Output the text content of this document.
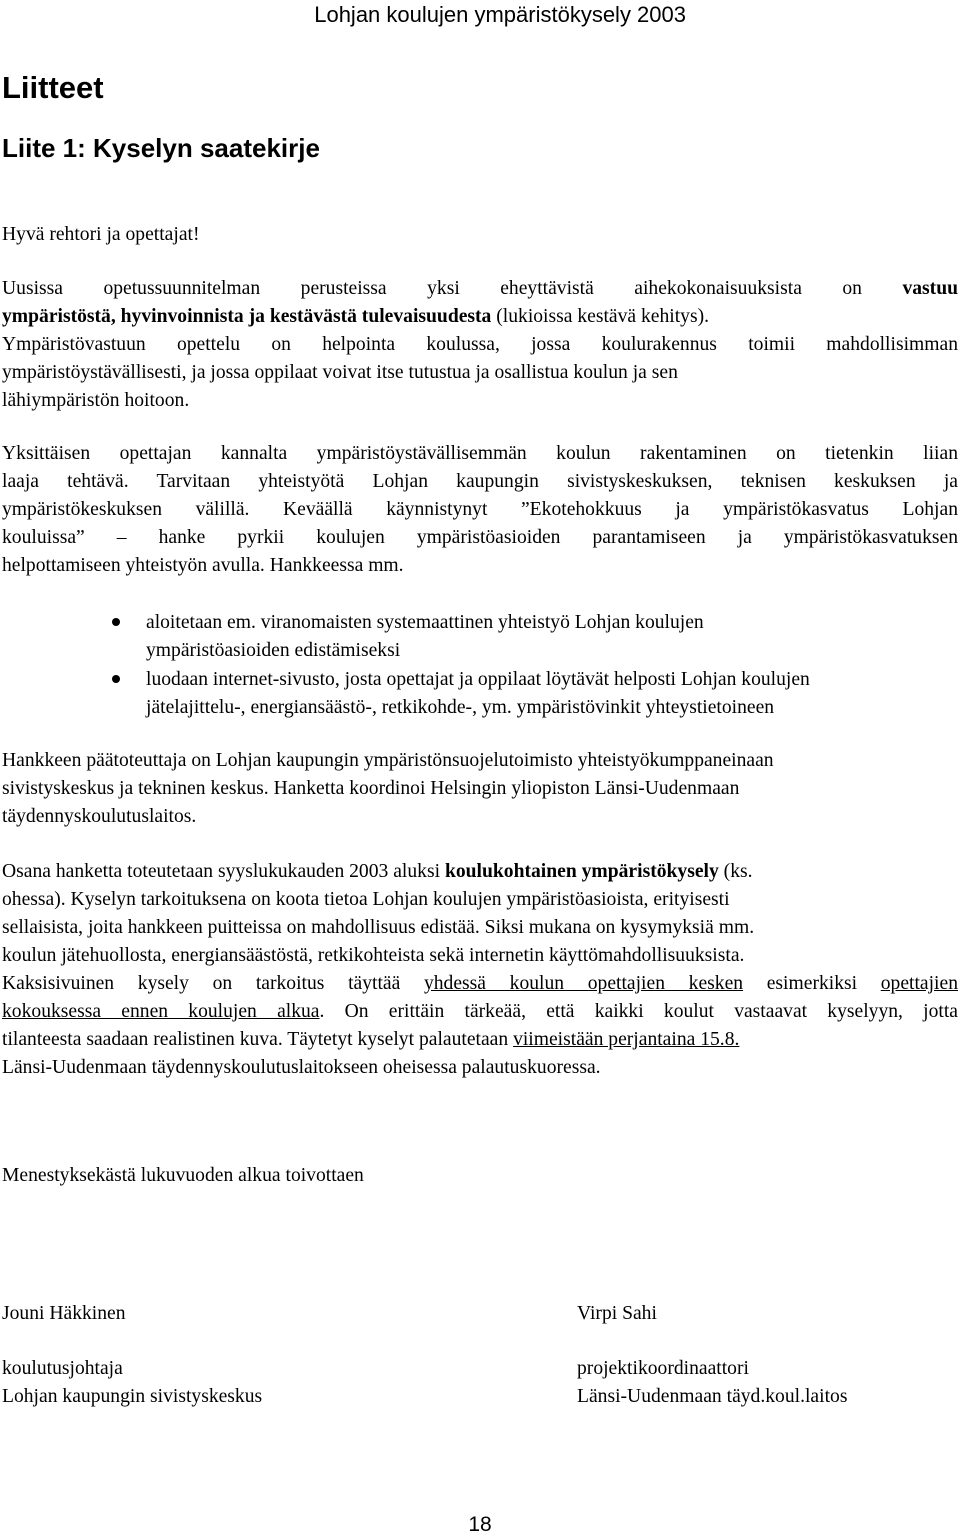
Lohjan koulujen ympäristökysely 2003
Liitteet
Liite 1: Kyselyn saatekirje
Hyvä rehtori ja opettajat!
Uusissa opetussuunnitelman perusteissa yksi eheyttävistä aihekokonaisuuksista on vastuu
ympäristöstä, hyvinvoinnista ja kestävästä tulevaisuudesta (lukioissa kestävä kehitys).
Ympäristövastuun opettelu on helpointa koulussa, jossa koulurakennus toimii mahdollisimman
ympäristöystävällisesti, ja jossa oppilaat voivat itse tutustua ja osallistua koulun ja sen
lähiympäristön hoitoon.
Yksittäisen opettajan kannalta ympäristöystävällisemmän koulun rakentaminen on tietenkin liian
laaja tehtävä. Tarvitaan yhteistyötä Lohjan kaupungin sivistyskeskuksen, teknisen keskuksen ja
ympäristökeskuksen välillä. Keväällä käynnistynyt ”Ekotehokkuus ja ympäristökasvatus Lohjan
kouluissa” – hanke pyrkii koulujen ympäristöasioiden parantamiseen ja ympäristökasvatuksen
helpottamiseen yhteistyön avulla. Hankkeessa mm.
aloitetaan em. viranomaisten systemaattinen yhteistyö Lohjan koulujen
ympäristöasioiden edistämiseksi
luodaan internet-sivusto, josta opettajat ja oppilaat löytävät helposti Lohjan koulujen
jätelajittelu-, energiansäästö-, retkikohde-, ym. ympäristövinkit yhteystietoineen
Hankkeen päätoteuttaja on Lohjan kaupungin ympäristönsuojelutoimisto yhteistyökumppaneinaan
sivistyskeskus ja tekninen keskus. Hanketta koordinoi Helsingin yliopiston Länsi-Uudenmaan
täydennyskoulutuslaitos.
Osana hanketta toteutetaan syyslukukauden 2003 aluksi koulukohtainen ympäristökysely (ks.
ohessa). Kyselyn tarkoituksena on koota tietoa Lohjan koulujen ympäristöasioista, erityisesti
sellaisista, joita hankkeen puitteissa on mahdollisuus edistää. Siksi mukana on kysymyksiä mm.
koulun jätehuollosta, energiansäästöstä, retkikohteista sekä internetin käyttömahdollisuuksista.
Kaksisivuinen kysely on tarkoitus täyttää yhdessä koulun opettajien kesken esimerkiksi opettajien
kokouksessa ennen koulujen alkua. On erittäin tärkeää, että kaikki koulut vastaavat kyselyyn, jotta
tilanteesta saadaan realistinen kuva. Täytetyt kyselyt palautetaan viimeistään perjantaina 15.8.
Länsi-Uudenmaan täydennyskoulutuslaitokseen oheisessa palautuskuoressa.
Menestyksekästä lukuvuoden alkua toivottaen
Jouni Häkkinen
koulutusjohtaja
Lohjan kaupungin sivistyskeskus
Virpi Sahi
projektikoordinaattori
Länsi-Uudenmaan täyd.koul.laitos
18
